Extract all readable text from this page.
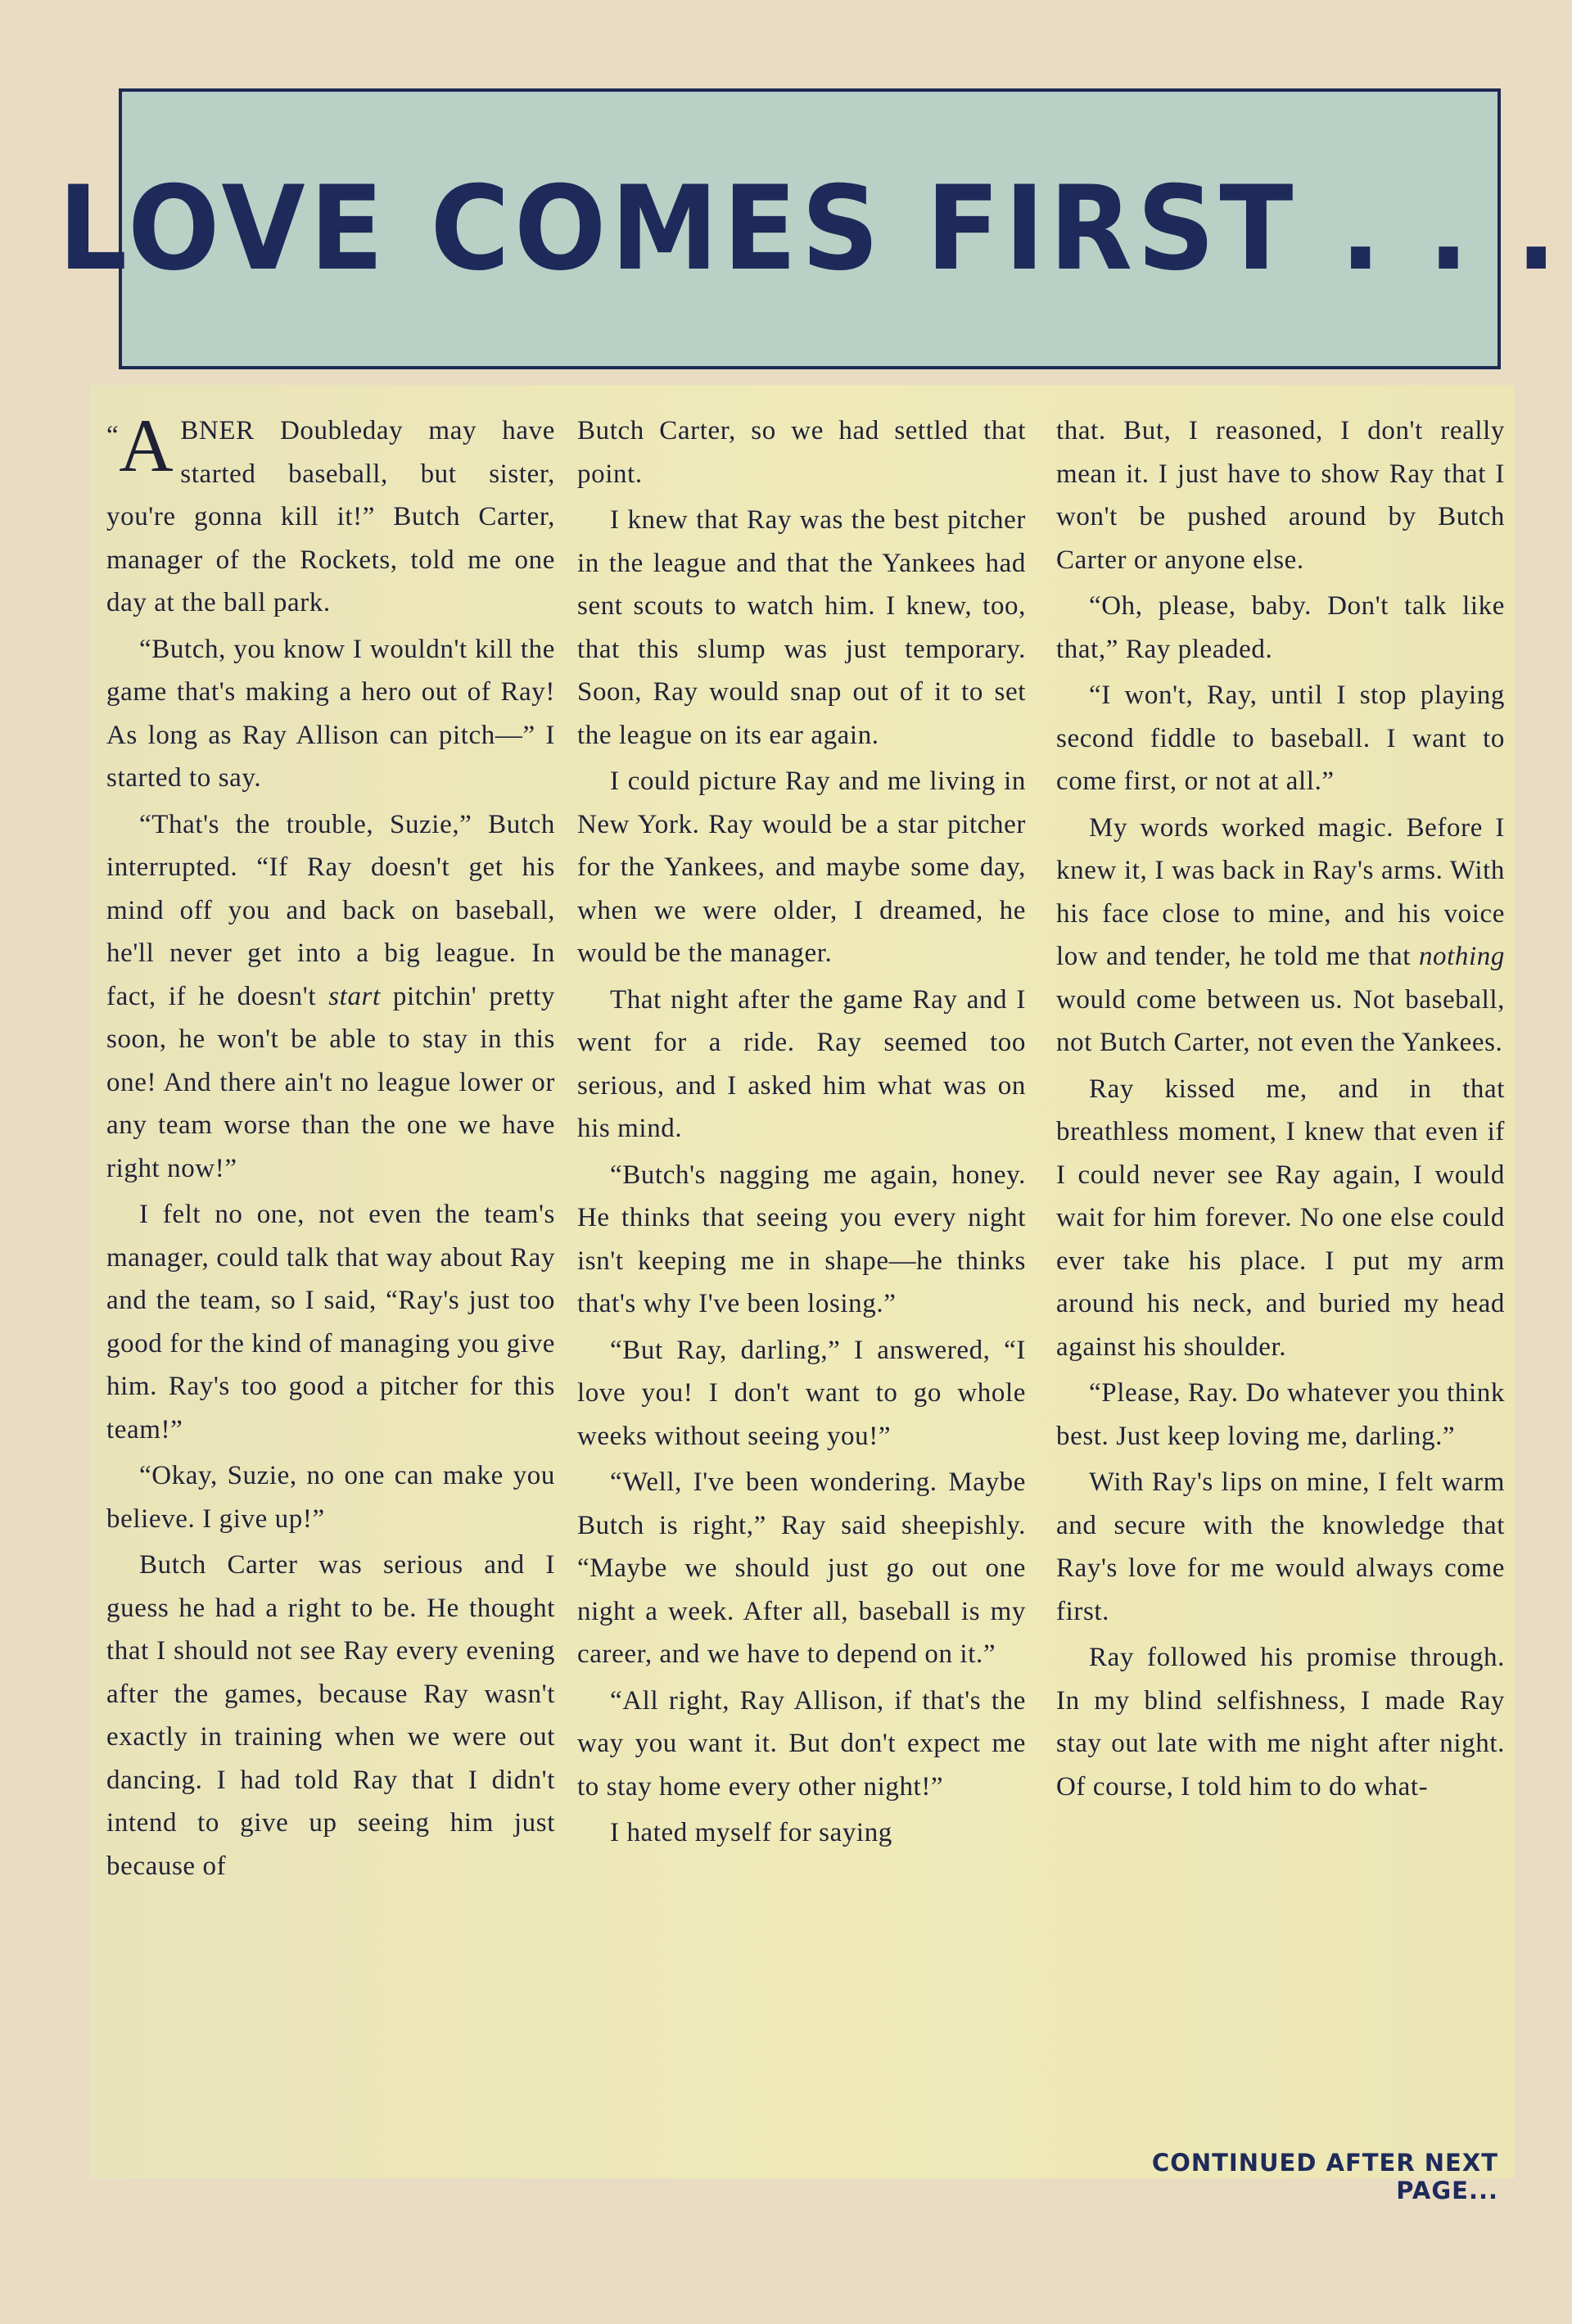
LOVE COMES FIRST . . .

“ A BNER Doubleday may have started baseball, but sister, you're gonna kill it!” Butch Carter, manager of the Rockets, told me one day at the ball park.

“Butch, you know I wouldn't kill the game that's making a hero out of Ray! As long as Ray Allison can pitch—” I started to say.

“That's the trouble, Suzie,” Butch interrupted. “If Ray doesn't get his mind off you and back on baseball, he'll never get into a big league. In fact, if he doesn't start pitchin' pretty soon, he won't be able to stay in this one! And there ain't no league lower or any team worse than the one we have right now!”

I felt no one, not even the team's manager, could talk that way about Ray and the team, so I said, “Ray's just too good for the kind of managing you give him. Ray's too good a pitcher for this team!”

“Okay, Suzie, no one can make you believe. I give up!”

Butch Carter was serious and I guess he had a right to be. He thought that I should not see Ray every evening after the games, because Ray wasn't exactly in training when we were out dancing. I had told Ray that I didn't intend to give up seeing him just because of

Butch Carter, so we had settled that point.

I knew that Ray was the best pitcher in the league and that the Yankees had sent scouts to watch him. I knew, too, that this slump was just temporary. Soon, Ray would snap out of it to set the league on its ear again.

I could picture Ray and me living in New York. Ray would be a star pitcher for the Yankees, and maybe some day, when we were older, I dreamed, he would be the manager.

That night after the game Ray and I went for a ride. Ray seemed too serious, and I asked him what was on his mind.

“Butch's nagging me again, honey. He thinks that seeing you every night isn't keeping me in shape—he thinks that's why I've been losing.”

“But Ray, darling,” I answered, “I love you! I don't want to go whole weeks without seeing you!”

“Well, I've been wondering. Maybe Butch is right,” Ray said sheepishly. “Maybe we should just go out one night a week. After all, baseball is my career, and we have to depend on it.”

“All right, Ray Allison, if that's the way you want it. But don't expect me to stay home every other night!”

I hated myself for saying

that. But, I reasoned, I don't really mean it. I just have to show Ray that I won't be pushed around by Butch Carter or anyone else.

“Oh, please, baby. Don't talk like that,” Ray pleaded.

“I won't, Ray, until I stop playing second fiddle to baseball. I want to come first, or not at all.”

My words worked magic. Before I knew it, I was back in Ray's arms. With his face close to mine, and his voice low and tender, he told me that nothing would come between us. Not baseball, not Butch Carter, not even the Yankees.

Ray kissed me, and in that breathless moment, I knew that even if I could never see Ray again, I would wait for him forever. No one else could ever take his place. I put my arm around his neck, and buried my head against his shoulder.

“Please, Ray. Do whatever you think best. Just keep loving me, darling.”

With Ray's lips on mine, I felt warm and secure with the knowledge that Ray's love for me would always come first.

Ray followed his promise through. In my blind selfishness, I made Ray stay out late with me night after night. Of course, I told him to do what-

CONTINUED AFTER NEXT PAGE...
